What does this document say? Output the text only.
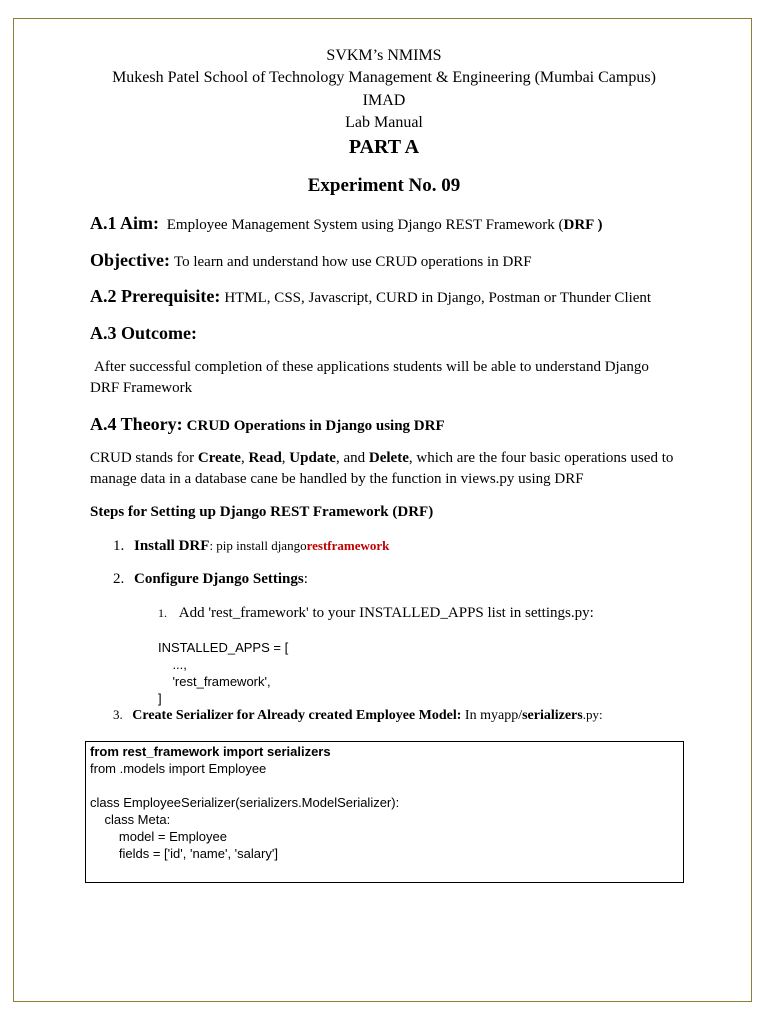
SVKM’s NMIMS
Mukesh Patel School of Technology Management & Engineering (Mumbai Campus)
IMAD
Lab Manual
PART A
Experiment No. 09
A.1 Aim: Employee Management System using Django REST Framework (DRF )
Objective: To learn and understand how use CRUD operations in DRF
A.2 Prerequisite: HTML, CSS, Javascript, CURD in Django, Postman or Thunder Client
A.3 Outcome:
After successful completion of these applications students will be able to understand Django
DRF Framework
A.4 Theory: CRUD Operations in Django using DRF
CRUD stands for Create, Read, Update, and Delete, which are the four basic operations used to
manage data in a database cane be handled by the function in views.py using DRF
Steps for Setting up Django REST Framework (DRF)
1. Install DRF: pip install djangorestframework
2. Configure Django Settings:
1. Add 'rest_framework' to your INSTALLED_APPS list in settings.py:
INSTALLED_APPS = [
...,
'rest_framework',
]
3. Create Serializer for Already created Employee Model: In myapp/serializers.py:
from rest_framework import serializers
from .models import Employee
class EmployeeSerializer(serializers.ModelSerializer):
class Meta:
model = Employee
fields = ['id', 'name', 'salary']
